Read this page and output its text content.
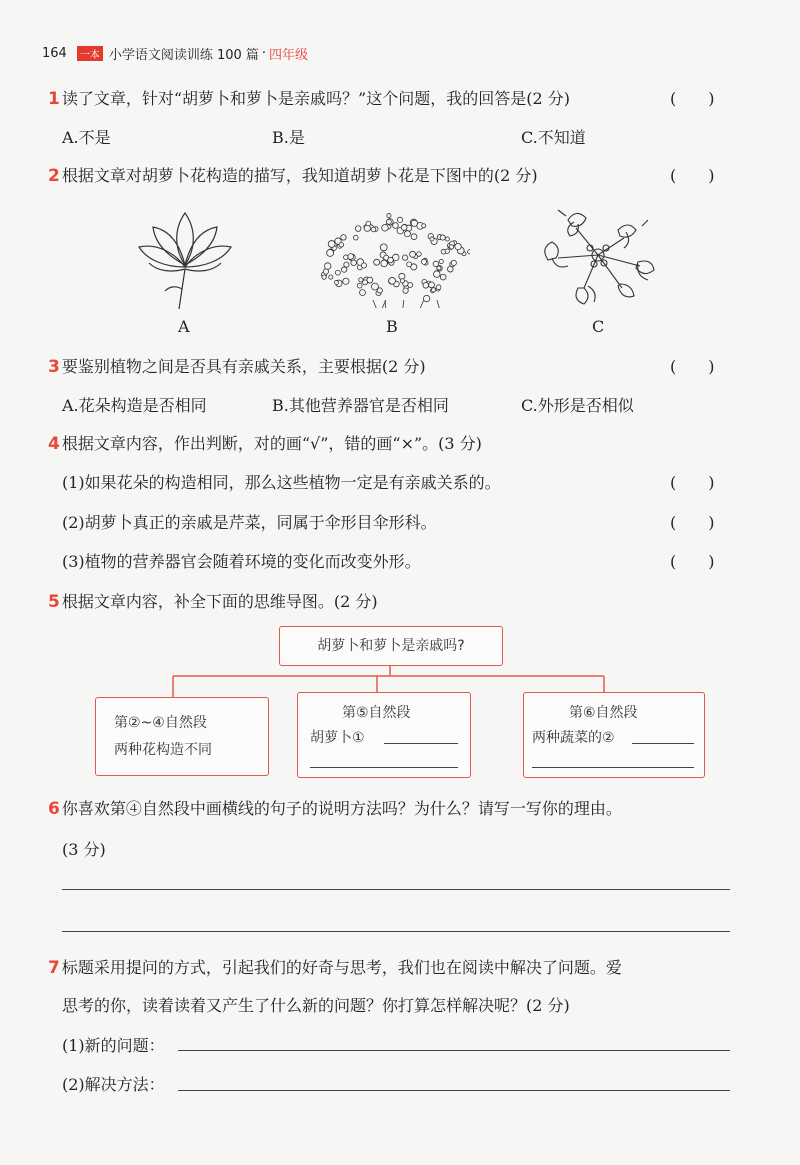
164	一本 小学语文阅读训练 100 篇 · 四年级
1 读了文章，针对“胡萝卜和萝卜是亲戚吗？”这个问题，我的回答是(2 分)	(　　)
A.不是	B.是	C.不知道
2 根据文章对胡萝卜花构造的描写，我知道胡萝卜花是下图中的(2 分)	(　　)
A	B	C
3 要鉴别植物之间是否具有亲戚关系，主要根据(2 分)	(　　)
A.花朵构造是否相同	B.其他营养器官是否相同	C.外形是否相似
4 根据文章内容，作出判断，对的画“√”，错的画“×”。(3 分)
(1)如果花朵的构造相同，那么这些植物一定是有亲戚关系的。	(　　)
(2)胡萝卜真正的亲戚是芹菜，同属于伞形目伞形科。	(　　)
(3)植物的营养器官会随着环境的变化而改变外形。	(　　)
5 根据文章内容，补全下面的思维导图。(2 分)
胡萝卜和萝卜是亲戚吗?
第②~④自然段
两种花构造不同
第⑤自然段
胡萝卜①
第⑥自然段
两种蔬菜的②
6 你喜欢第④自然段中画横线的句子的说明方法吗？为什么？请写一写你的理由。
(3 分)
7 标题采用提问的方式，引起我们的好奇与思考，我们也在阅读中解决了问题。爱
思考的你，读着读着又产生了什么新的问题？你打算怎样解决呢？(2 分)
(1)新的问题：
(2)解决方法：
